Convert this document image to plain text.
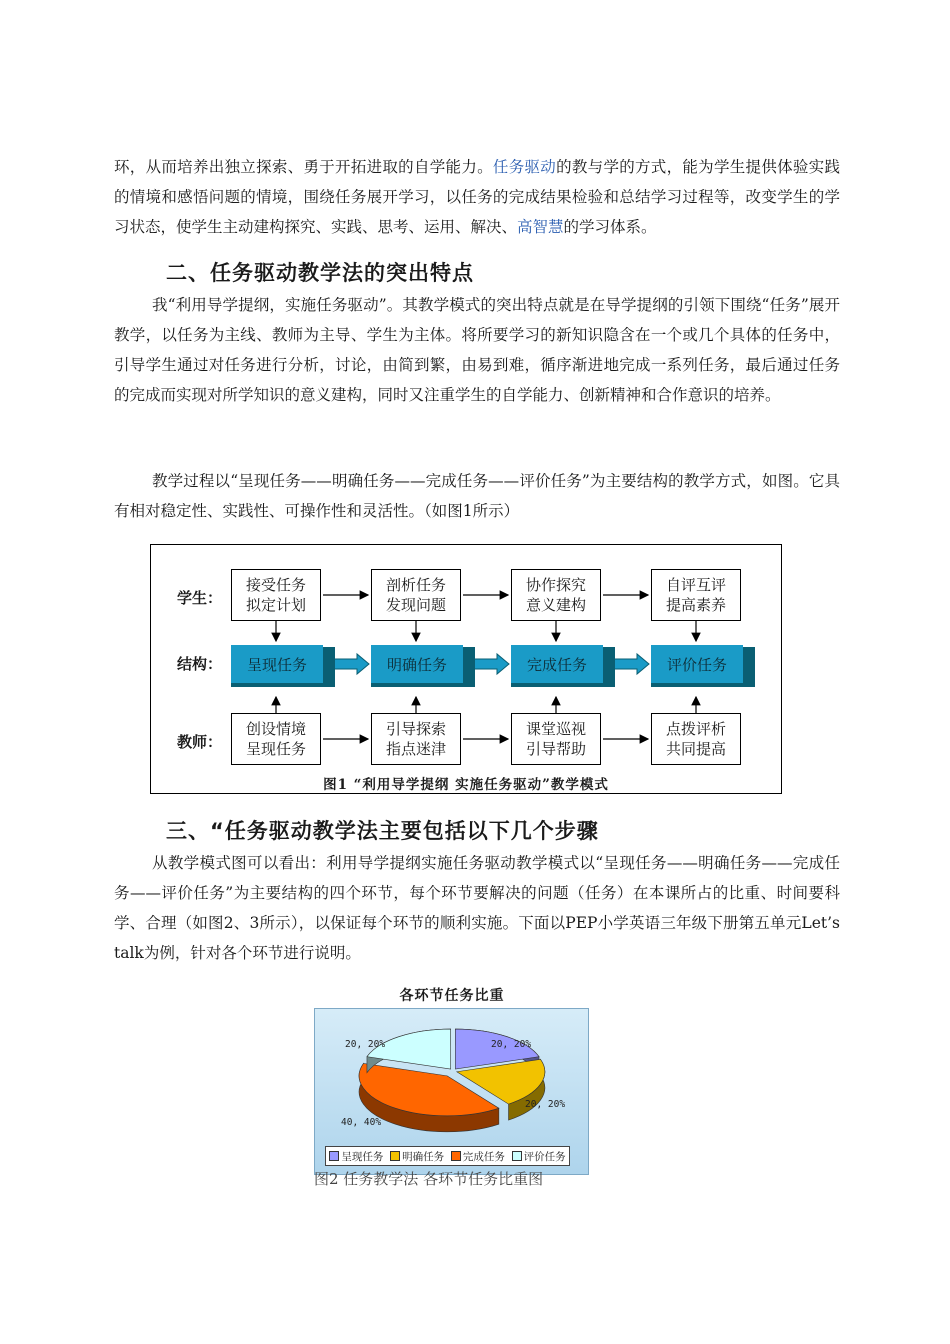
环，从而培养出独立探索、勇于开拓进取的自学能力。任务驱动的教与学的方式，能为学生提供体验实践的情境和感悟问题的情境，围绕任务展开学习，以任务的完成结果检验和总结学习过程等，改变学生的学习状态，使学生主动建构探究、实践、思考、运用、解决、高智慧的学习体系。

二、任务驱动教学法的突出特点

我“利用导学提纲，实施任务驱动”。其教学模式的突出特点就是在导学提纲的引领下围绕“任务”展开教学，以任务为主线、教师为主导、学生为主体。将所要学习的新知识隐含在一个或几个具体的任务中，引导学生通过对任务进行分析，讨论，由简到繁，由易到难，循序渐进地完成一系列任务，最后通过任务的完成而实现对所学知识的意义建构，同时又注重学生的自学能力、创新精神和合作意识的培养。

教学过程以“呈现任务——明确任务——完成任务——评价任务”为主要结构的教学方式，如图。它具有相对稳定性、实践性、可操作性和灵活性。（如图1所示）

学生：
结构：
教师：
接受任务
拟定计划
剖析任务
发现问题
协作探究
意义建构
自评互评
提高素养
呈现任务	明确任务	完成任务	评价任务
创设情境
呈现任务
引导探索
指点迷津
课堂巡视
引导帮助
点拨评析
共同提高
图1 “利用导学提纲 实施任务驱动”教学模式
三、“任务驱动教学法主要包括以下几个步骤

从教学模式图可以看出：利用导学提纲实施任务驱动教学模式以“呈现任务——明确任务——完成任务——评价任务”为主要结构的四个环节，每个环节要解决的问题（任务）在本课所占的比重、时间要科学、合理（如图2、3所示），以保证每个环节的顺利实施。下面以PEP小学英语三年级下册第五单元Let’s talk为例，针对各个环节进行说明。

各环节任务比重
20, 20%	20, 20%
20, 20%
40, 40%
呈现任务 明确任务 完成任务 评价任务
图2 任务教学法 各环节任务比重图
